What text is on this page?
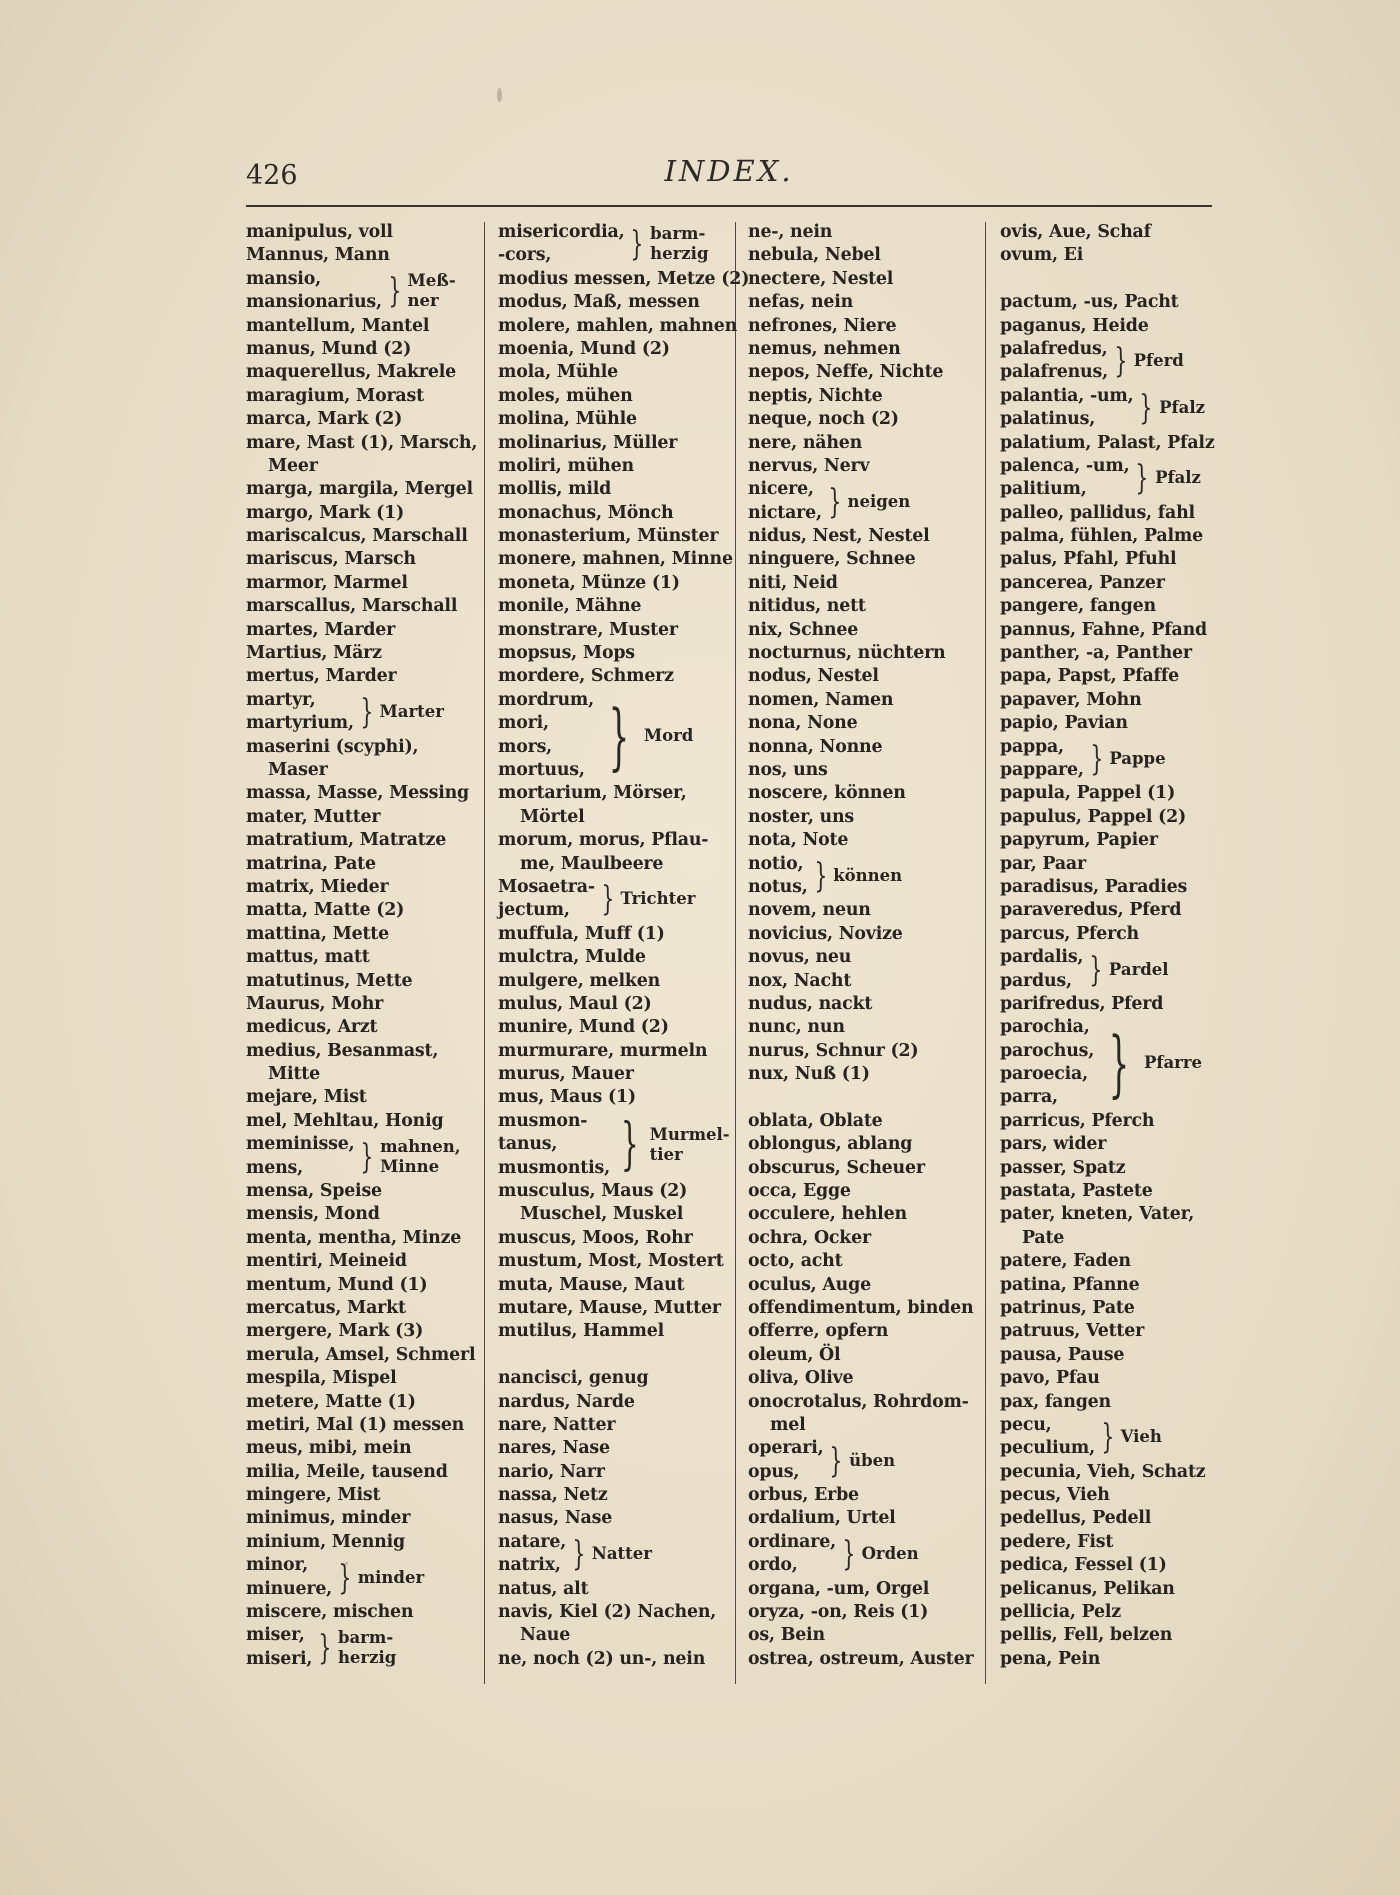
426	INDEX.
manipulus, voll
Mannus, Mann
mansio,
mansionarius, } Meß-
ner
mantellum, Mantel
manus, Mund (2)
maquerellus, Makrele
maragium, Morast
marca, Mark (2)
mare, Mast (1), Marsch,
Meer
marga, margila, Mergel
margo, Mark (1)
mariscalcus, Marschall
mariscus, Marsch
marmor, Marmel
marscallus, Marschall
martes, Marder
Martius, März
mertus, Marder
martyr,
martyrium, } Marter
maserini (scyphi),
Maser
massa, Masse, Messing
mater, Mutter
matratium, Matratze
matrina, Pate
matrix, Mieder
matta, Matte (2)
mattina, Mette
mattus, matt
matutinus, Mette
Maurus, Mohr
medicus, Arzt
medius, Besanmast,
Mitte
mejare, Mist
mel, Mehltau, Honig
meminisse,
mens,	} mahnen,
Minne
mensa, Speise
mensis, Mond
menta, mentha, Minze
mentiri, Meineid
mentum, Mund (1)
mercatus, Markt
mergere, Mark (3)
merula, Amsel, Schmerl
mespila, Mispel
metere, Matte (1)
metiri, Mal (1) messen
meus, mibi, mein
milia, Meile, tausend
mingere, Mist
minimus, minder
minium, Mennig
minor,
minuere, } minder
miscere, mischen
miser,
miseri, } barm-
herzig
misericordia,
-cors,	} barm-
herzig
modius messen, Metze (2)
modus, Maß, messen
molere, mahlen, mahnen
moenia, Mund (2)
mola, Mühle
moles, mühen
molina, Mühle
molinarius, Müller
moliri, mühen
mollis, mild
monachus, Mönch
monasterium, Münster
monere, mahnen, Minne
moneta, Münze (1)
monile, Mähne
monstrare, Muster
mopsus, Mops
mordere, Schmerz
mordrum,
mori,
mors,
mortuus, } Mord
mortarium, Mörser,
Mörtel
morum, morus, Pflau-
me, Maulbeere
Mosaetra-
jectum, } Trichter
muffula, Muff (1)
mulctra, Mulde
mulgere, melken
mulus, Maul (2)
munire, Mund (2)
murmurare, murmeln
murus, Mauer
mus, Maus (1)
musmon-
tanus,
musmontis, } Murmel-
tier
musculus, Maus (2)
Muschel, Muskel
muscus, Moos, Rohr
mustum, Most, Mostert
muta, Mause, Maut
mutare, Mause, Mutter
mutilus, Hammel
nancisci, genug
nardus, Narde
nare, Natter
nares, Nase
nario, Narr
nassa, Netz
nasus, Nase
natare,
natrix, } Natter
natus, alt
navis, Kiel (2) Nachen,
Naue
ne, noch (2) un-, nein
ne-, nein
nebula, Nebel
nectere, Nestel
nefas, nein
nefrones, Niere
nemus, nehmen
nepos, Neffe, Nichte
neptis, Nichte
neque, noch (2)
nere, nähen
nervus, Nerv
nicere,
nictare, } neigen
nidus, Nest, Nestel
ninguere, Schnee
niti, Neid
nitidus, nett
nix, Schnee
nocturnus, nüchtern
nodus, Nestel
nomen, Namen
nona, None
nonna, Nonne
nos, uns
noscere, können
noster, uns
nota, Note
notio,
notus, } können
novem, neun
novicius, Novize
novus, neu
nox, Nacht
nudus, nackt
nunc, nun
nurus, Schnur (2)
nux, Nuß (1)
oblata, Oblate
oblongus, ablang
obscurus, Scheuer
occa, Egge
occulere, hehlen
ochra, Ocker
octo, acht
oculus, Auge
offendimentum, binden
offerre, opfern
oleum, Öl
oliva, Olive
onocrotalus, Rohrdom-
mel
operari,
opus, } üben
orbus, Erbe
ordalium, Urtel
ordinare,
ordo,	} Orden
organa, -um, Orgel
oryza, -on, Reis (1)
os, Bein
ostrea, ostreum, Auster
ovis, Aue, Schaf
ovum, Ei
pactum, -us, Pacht
paganus, Heide
palafredus,
palafrenus, } Pferd
palantia, -um,
palatinus,	} Pfalz
palatium, Palast, Pfalz
palenca, -um,
palitium,	} Pfalz
palleo, pallidus, fahl
palma, fühlen, Palme
palus, Pfahl, Pfuhl
pancerea, Panzer
pangere, fangen
pannus, Fahne, Pfand
panther, -a, Panther
papa, Papst, Pfaffe
papaver, Mohn
papio, Pavian
pappa,
pappare, } Pappe
papula, Pappel (1)
papulus, Pappel (2)
papyrum, Papier
par, Paar
paradisus, Paradies
paraveredus, Pferd
parcus, Pferch
pardalis,
pardus, } Pardel
parifredus, Pferd
parochia,
parochus,
paroecia,
parra, } Pfarre
parricus, Pferch
pars, wider
passer, Spatz
pastata, Pastete
pater, kneten, Vater,
Pate
patere, Faden
patina, Pfanne
patrinus, Pate
patruus, Vetter
pausa, Pause
pavo, Pfau
pax, fangen
pecu,
peculium, } Vieh
pecunia, Vieh, Schatz
pecus, Vieh
pedellus, Pedell
pedere, Fist
pedica, Fessel (1)
pelicanus, Pelikan
pellicia, Pelz
pellis, Fell, belzen
pena, Pein
